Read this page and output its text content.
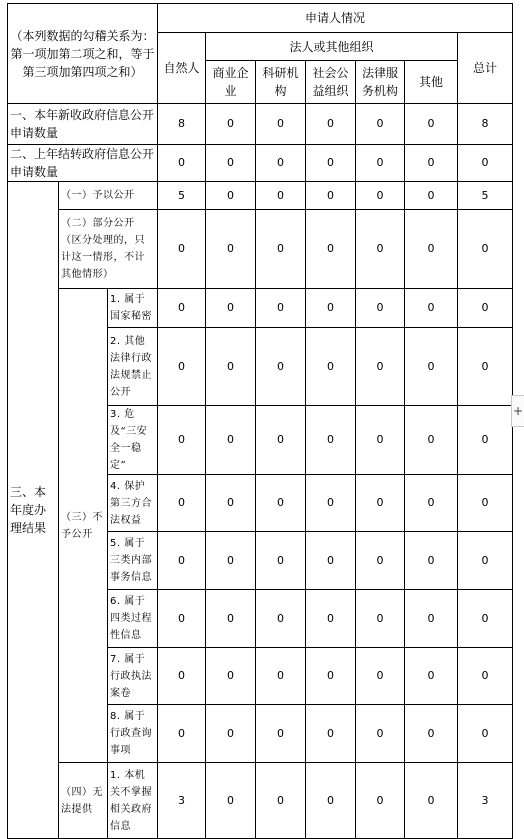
（本列数据的勾稽关系为：第一项加第二项之和，等于第三项加第四项之和）			申请人情况						
			自然人	法人或其他组织					总计
				商业企业	科研机构	社会公益组织	法律服务机构	其他	
一、本年新收政府信息公开申请数量			8	0	0	0	0	0	8
二、上年结转政府信息公开申请数量			0	0	0	0	0	0	0
三、本年度办理结果	（一）予以公开		5	0	0	0	0	0	5
	（二）部分公开（区分处理的，只计这一情形，不计其他情形）		0	0	0	0	0	0	0
	（三）不予公开	1. 属于国家秘密	0	0	0	0	0	0	0
		2. 其他法律行政法规禁止公开	0	0	0	0	0	0	0
		3. 危及“三安全一稳定”	0	0	0	0	0	0	0
		4. 保护第三方合法权益	0	0	0	0	0	0	0
		5. 属于三类内部事务信息	0	0	0	0	0	0	0
		6. 属于四类过程性信息	0	0	0	0	0	0	0
		7. 属于行政执法案卷	0	0	0	0	0	0	0
		8. 属于行政查询事项	0	0	0	0	0	0	0
	（四）无法提供	1. 本机关不掌握相关政府信息	3	0	0	0	0	0	3
+
